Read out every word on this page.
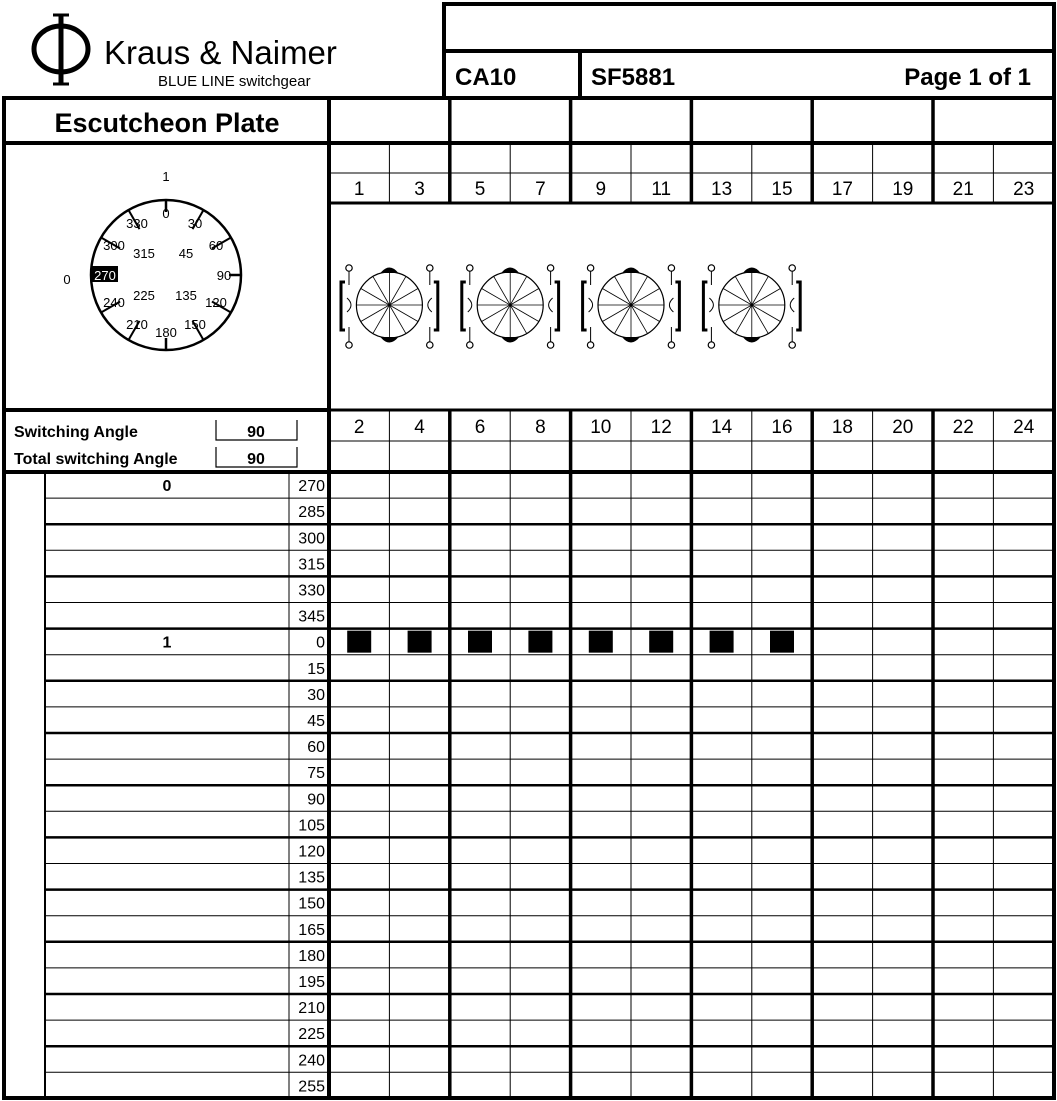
Kraus & Naimer
BLUE LINE switchgear	CA10	SF5881	Page 1 of 1
Escutcheon Plate
1
0
0
30
60
90
120
150
180
210
240
270
300
330
45
135
225
315
Switching Angle
Total switching Angle
90
90
1	3	5	7	9 11 13 15 17 19 21 23
2	4	6	8 10 12 14 16 18 20 22 24
0	270
285
300
315
330
345
1	0
15
30
45
60
75
90
105
120
135
150
165
180
195
210
225
240
255
